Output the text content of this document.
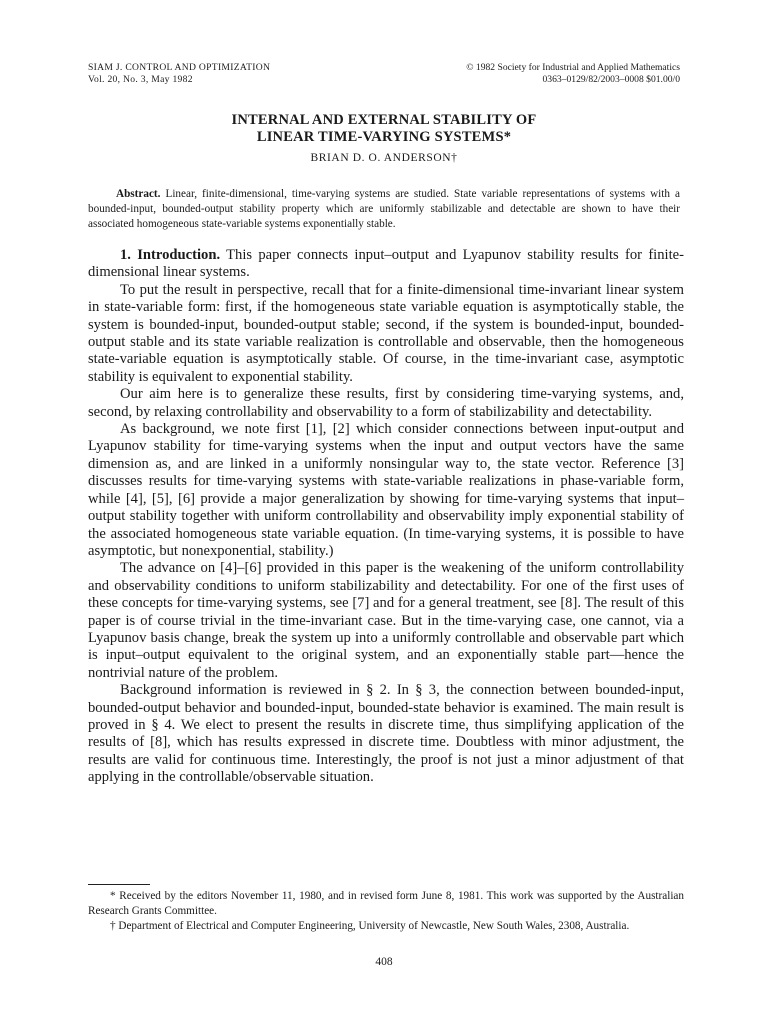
SIAM J. CONTROL AND OPTIMIZATION
Vol. 20, No. 3, May 1982
© 1982 Society for Industrial and Applied Mathematics
0363–0129/82/2003–0008 $01.00/0
INTERNAL AND EXTERNAL STABILITY OF
LINEAR TIME-VARYING SYSTEMS*
BRIAN D. O. ANDERSON†
Abstract. Linear, finite-dimensional, time-varying systems are studied. State variable representations of systems with a bounded-input, bounded-output stability property which are uniformly stabilizable and detectable are shown to have their associated homogeneous state-variable systems exponentially stable.

1. Introduction. This paper connects input–output and Lyapunov stability results for finite-dimensional linear systems.

To put the result in perspective, recall that for a finite-dimensional time-invariant linear system in state-variable form: first, if the homogeneous state variable equation is asymptotically stable, the system is bounded-input, bounded-output stable; second, if the system is bounded-input, bounded-output stable and its state variable realization is controllable and observable, then the homogeneous state-variable equation is asymptotically stable. Of course, in the time-invariant case, asymptotic stability is equivalent to exponential stability.

Our aim here is to generalize these results, first by considering time-varying systems, and, second, by relaxing controllability and observability to a form of stabilizability and detectability.

As background, we note first [1], [2] which consider connections between input-output and Lyapunov stability for time-varying systems when the input and output vectors have the same dimension as, and are linked in a uniformly nonsingular way to, the state vector. Reference [3] discusses results for time-varying systems with state-variable realizations in phase-variable form, while [4], [5], [6] provide a major generalization by showing for time-varying systems that input–output stability together with uniform controllability and observability imply exponential stability of the associated homogeneous state variable equation. (In time-varying systems, it is possible to have asymptotic, but nonexponential, stability.)

The advance on [4]–[6] provided in this paper is the weakening of the uniform controllability and observability conditions to uniform stabilizability and detectability. For one of the first uses of these concepts for time-varying systems, see [7] and for a general treatment, see [8]. The result of this paper is of course trivial in the time-invariant case. But in the time-varying case, one cannot, via a Lyapunov basis change, break the system up into a uniformly controllable and observable part which is input–output equivalent to the original system, and an exponentially stable part—hence the nontrivial nature of the problem.

Background information is reviewed in § 2. In § 3, the connection between bounded-input, bounded-output behavior and bounded-input, bounded-state behavior is examined. The main result is proved in § 4. We elect to present the results in discrete time, thus simplifying application of the results of [8], which has results expressed in discrete time. Doubtless with minor adjustment, the results are valid for continuous time. Interestingly, the proof is not just a minor adjustment of that applying in the controllable/observable situation.

* Received by the editors November 11, 1980, and in revised form June 8, 1981. This work was supported by the Australian Research Grants Committee.

† Department of Electrical and Computer Engineering, University of Newcastle, New South Wales, 2308, Australia.

408
